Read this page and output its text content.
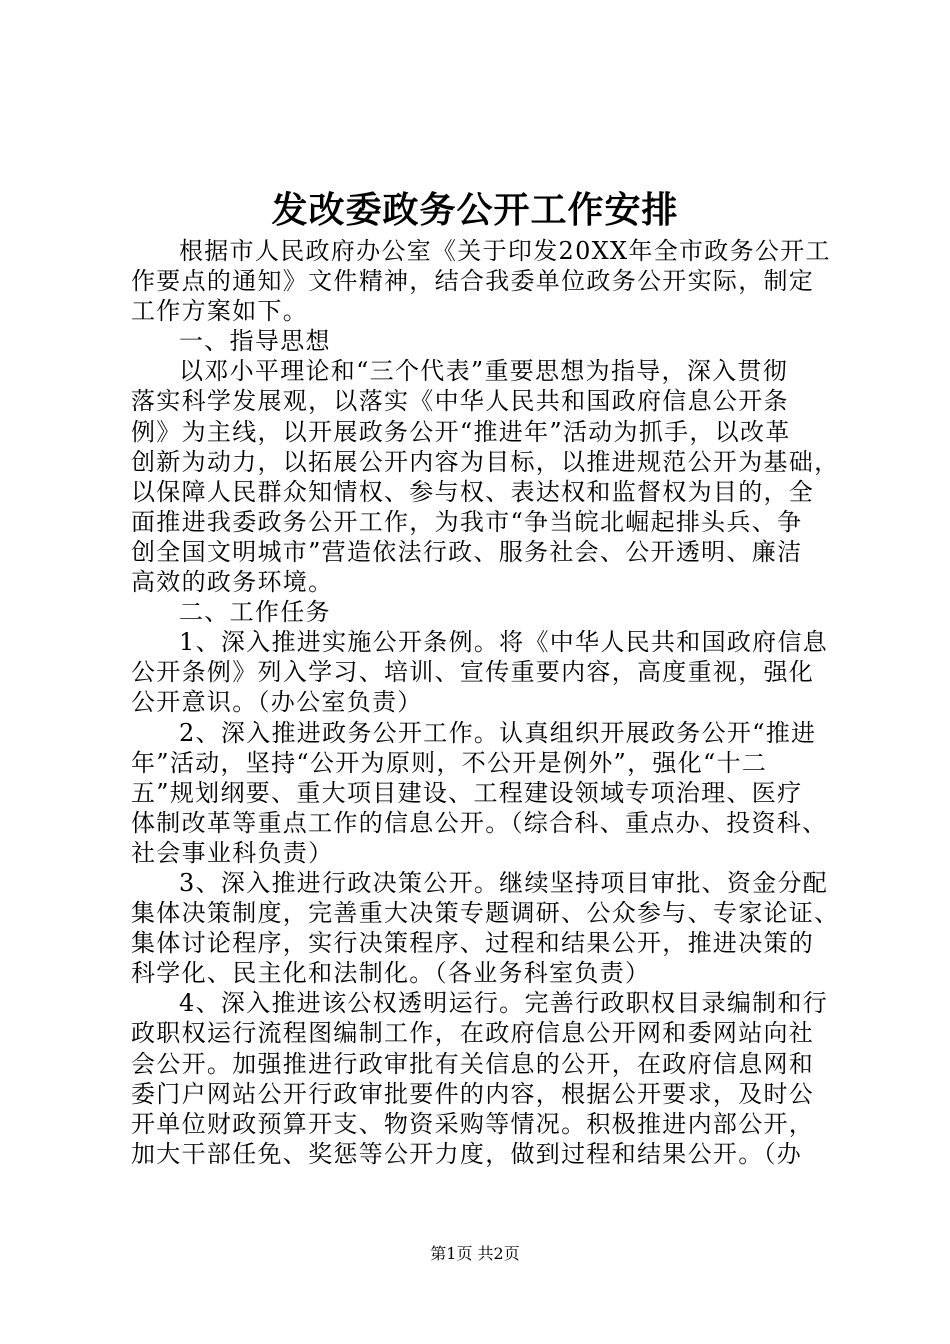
发改委政务公开工作安排
根据市人民政府办公室《关于印发20XX年全市政务公开工
作要点的通知》文件精神，结合我委单位政务公开实际，制定
工作方案如下。
一、指导思想
以邓小平理论和“三个代表”重要思想为指导，深入贯彻
落实科学发展观，以落实《中华人民共和国政府信息公开条
例》为主线，以开展政务公开“推进年”活动为抓手，以改革
创新为动力，以拓展公开内容为目标，以推进规范公开为基础，
以保障人民群众知情权、参与权、表达权和监督权为目的，全
面推进我委政务公开工作，为我市“争当皖北崛起排头兵、争
创全国文明城市”营造依法行政、服务社会、公开透明、廉洁
高效的政务环境。
二、工作任务
1、深入推进实施公开条例。将《中华人民共和国政府信息
公开条例》列入学习、培训、宣传重要内容，高度重视，强化
公开意识。（办公室负责）
2、深入推进政务公开工作。认真组织开展政务公开“推进
年”活动，坚持“公开为原则，不公开是例外”，强化“十二
五”规划纲要、重大项目建设、工程建设领域专项治理、医疗
体制改革等重点工作的信息公开。（综合科、重点办、投资科、
社会事业科负责）
3、深入推进行政决策公开。继续坚持项目审批、资金分配
集体决策制度，完善重大决策专题调研、公众参与、专家论证、
集体讨论程序，实行决策程序、过程和结果公开，推进决策的
科学化、民主化和法制化。（各业务科室负责）
4、深入推进该公权透明运行。完善行政职权目录编制和行
政职权运行流程图编制工作，在政府信息公开网和委网站向社
会公开。加强推进行政审批有关信息的公开，在政府信息网和
委门户网站公开行政审批要件的内容，根据公开要求，及时公
开单位财政预算开支、物资采购等情况。积极推进内部公开，
加大干部任免、奖惩等公开力度，做到过程和结果公开。（办
第1页 共2页
